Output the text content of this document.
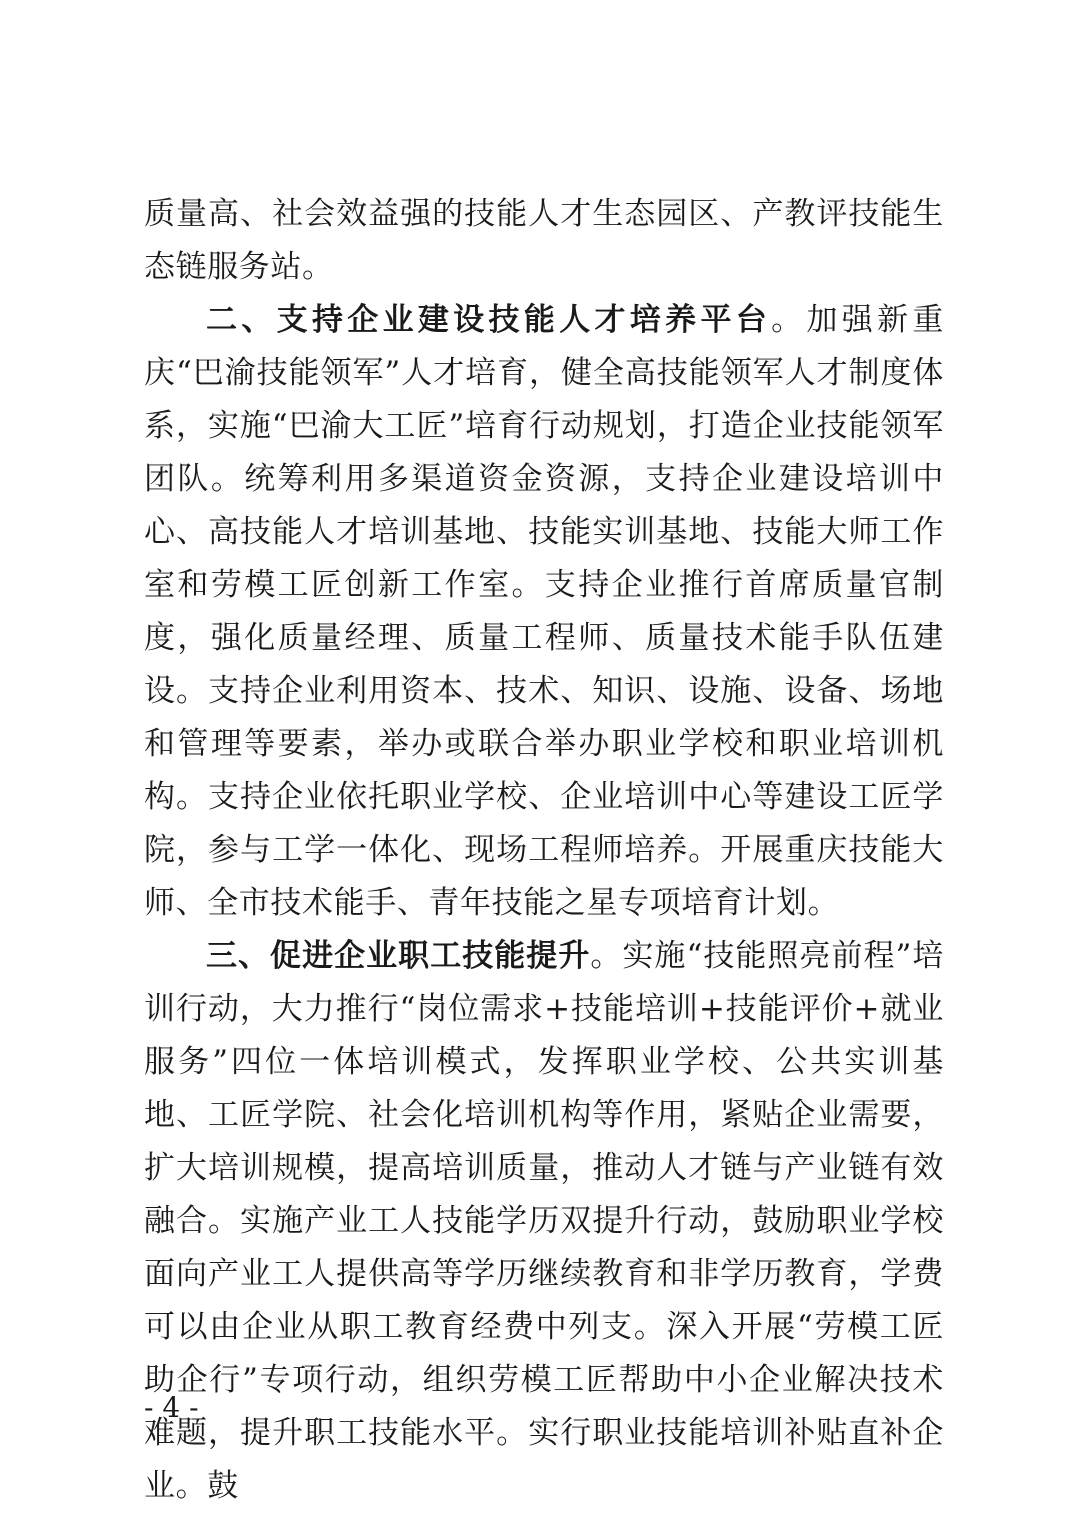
质量高、社会效益强的技能人才生态园区、产教评技能生态链服务站。

二、支持企业建设技能人才培养平台。加强新重庆“巴渝技能领军”人才培育，健全高技能领军人才制度体系，实施“巴渝大工匠”培育行动规划，打造企业技能领军团队。统筹利用多渠道资金资源，支持企业建设培训中心、高技能人才培训基地、技能实训基地、技能大师工作室和劳模工匠创新工作室。支持企业推行首席质量官制度，强化质量经理、质量工程师、质量技术能手队伍建设。支持企业利用资本、技术、知识、设施、设备、场地和管理等要素，举办或联合举办职业学校和职业培训机构。支持企业依托职业学校、企业培训中心等建设工匠学院，参与工学一体化、现场工程师培养。开展重庆技能大师、全市技术能手、青年技能之星专项培育计划。

三、促进企业职工技能提升。实施“技能照亮前程”培训行动，大力推行“岗位需求+技能培训+技能评价+就业服务”四位一体培训模式，发挥职业学校、公共实训基地、工匠学院、社会化培训机构等作用，紧贴企业需要，扩大培训规模，提高培训质量，推动人才链与产业链有效融合。实施产业工人技能学历双提升行动，鼓励职业学校面向产业工人提供高等学历继续教育和非学历教育，学费可以由企业从职工教育经费中列支。深入开展“劳模工匠助企行”专项行动，组织劳模工匠帮助中小企业解决技术难题，提升职工技能水平。实行职业技能培训补贴直补企业。鼓

- 4 -
